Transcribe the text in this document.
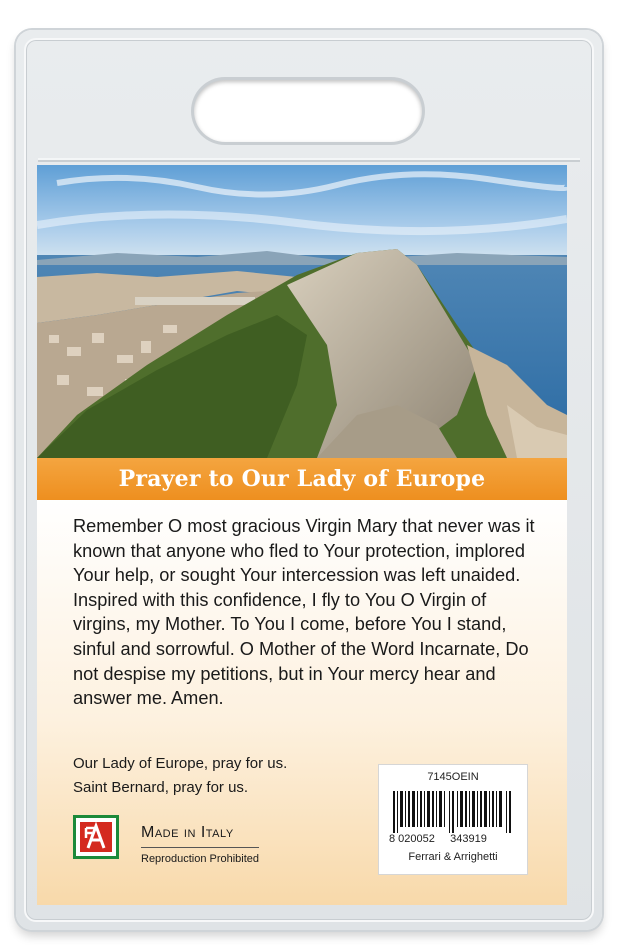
Prayer to Our Lady of Europe
Remember O most gracious Virgin Mary that never was it known that anyone who fled to Your protection, implored Your help, or sought Your intercession was left unaided. Inspired with this confidence, I fly to You O Virgin of virgins, my Mother. To You I come, before You I stand, sinful and sorrowful. O Mother of the Word Incarnate, Do not despise my petitions, but in Your mercy hear and answer me. Amen.
Our Lady of Europe, pray for us.
Saint Bernard, pray for us.
Made in Italy
Reproduction Prohibited
7145OEIN
8 020052 343919
Ferrari & Arrighetti
